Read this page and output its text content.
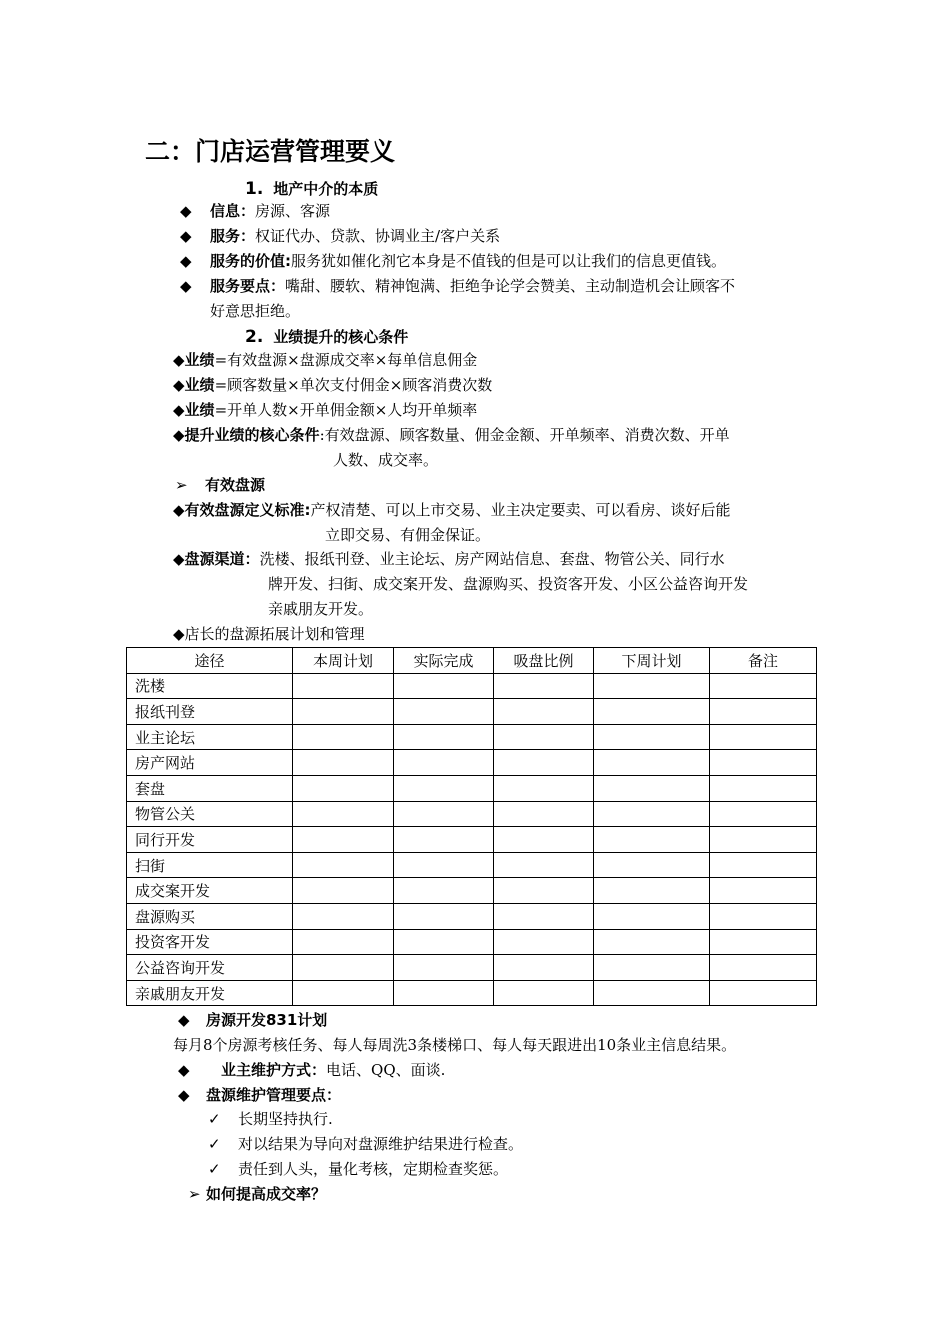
二：门店运营管理要义
1. 地产中介的本质
◆ 信息：房源、客源
◆ 服务：权证代办、贷款、协调业主/客户关系
◆ 服务的价值:服务犹如催化剂它本身是不值钱的但是可以让我们的信息更值钱。
◆ 服务要点：嘴甜、腰软、精神饱满、拒绝争论学会赞美、主动制造机会让顾客不
好意思拒绝。
2. 业绩提升的核心条件
◆业绩=有效盘源×盘源成交率×每单信息佣金
◆业绩=顾客数量×单次支付佣金×顾客消费次数
◆业绩=开单人数×开单佣金额×人均开单频率
◆提升业绩的核心条件:有效盘源、顾客数量、佣金金额、开单频率、消费次数、开单
人数、成交率。
➢ 有效盘源
◆有效盘源定义标准:产权清楚、可以上市交易、业主决定要卖、可以看房、谈好后能
立即交易、有佣金保证。
◆盘源渠道：洗楼、报纸刊登、业主论坛、房产网站信息、套盘、物管公关、同行水
牌开发、扫街、成交案开发、盘源购买、投资客开发、小区公益咨询开发
亲戚朋友开发。
◆店长的盘源拓展计划和管理
途径	本周计划	实际完成	吸盘比例	下周计划	备注
洗楼					
报纸刊登					
业主论坛					
房产网站					
套盘					
物管公关					
同行开发					
扫街					
成交案开发					
盘源购买					
投资客开发					
公益咨询开发					
亲戚朋友开发					
◆ 房源开发831计划
每月8个房源考核任务、每人每周洗3条楼梯口、每人每天跟进出10条业主信息结果。
◆ 业主维护方式：电话、QQ、面谈.
◆ 盘源维护管理要点：
✓ 长期坚持执行.
✓ 对以结果为导向对盘源维护结果进行检查。
✓ 责任到人头，量化考核，定期检查奖惩。
➢ 如何提高成交率？
